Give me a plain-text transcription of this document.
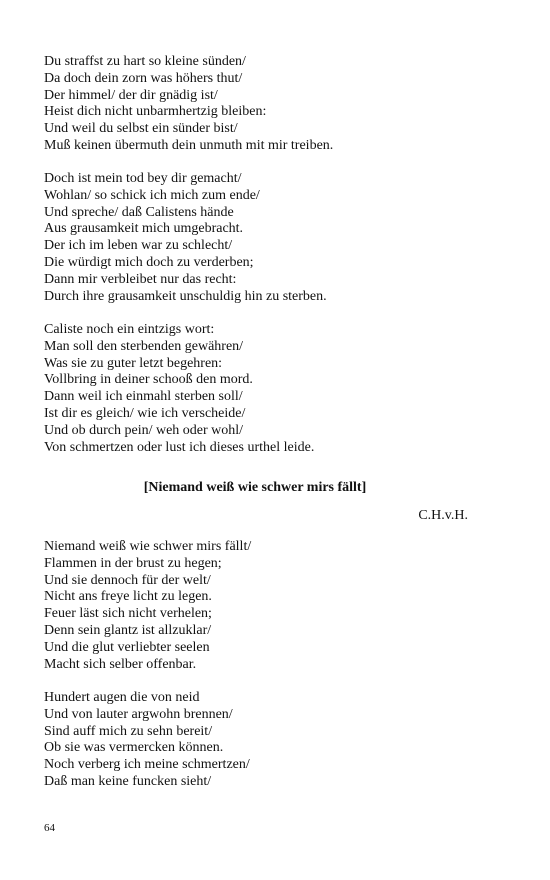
Du straffst zu hart so kleine sünden/
Da doch dein zorn was höhers thut/
Der himmel/ der dir gnädig ist/
Heist dich nicht unbarmhertzig bleiben:
Und weil du selbst ein sünder bist/
Muß keinen übermuth dein unmuth mit mir treiben.
Doch ist mein tod bey dir gemacht/
Wohlan/ so schick ich mich zum ende/
Und spreche/ daß Calistens hände
Aus grausamkeit mich umgebracht.
Der ich im leben war zu schlecht/
Die würdigt mich doch zu verderben;
Dann mir verbleibet nur das recht:
Durch ihre grausamkeit unschuldig hin zu sterben.
Caliste noch ein eintzigs wort:
Man soll den sterbenden gewähren/
Was sie zu guter letzt begehren:
Vollbring in deiner schooß den mord.
Dann weil ich einmahl sterben soll/
Ist dir es gleich/ wie ich verscheide/
Und ob durch pein/ weh oder wohl/
Von schmertzen oder lust ich dieses urthel leide.
[Niemand weiß wie schwer mirs fällt]
C.H.v.H.
Niemand weiß wie schwer mirs fällt/
Flammen in der brust zu hegen;
Und sie dennoch für der welt/
Nicht ans freye licht zu legen.
Feuer läst sich nicht verhelen;
Denn sein glantz ist allzuklar/
Und die glut verliebter seelen
Macht sich selber offenbar.
Hundert augen die von neid
Und von lauter argwohn brennen/
Sind auff mich zu sehn bereit/
Ob sie was vermercken können.
Noch verberg ich meine schmertzen/
Daß man keine funcken sieht/
64
